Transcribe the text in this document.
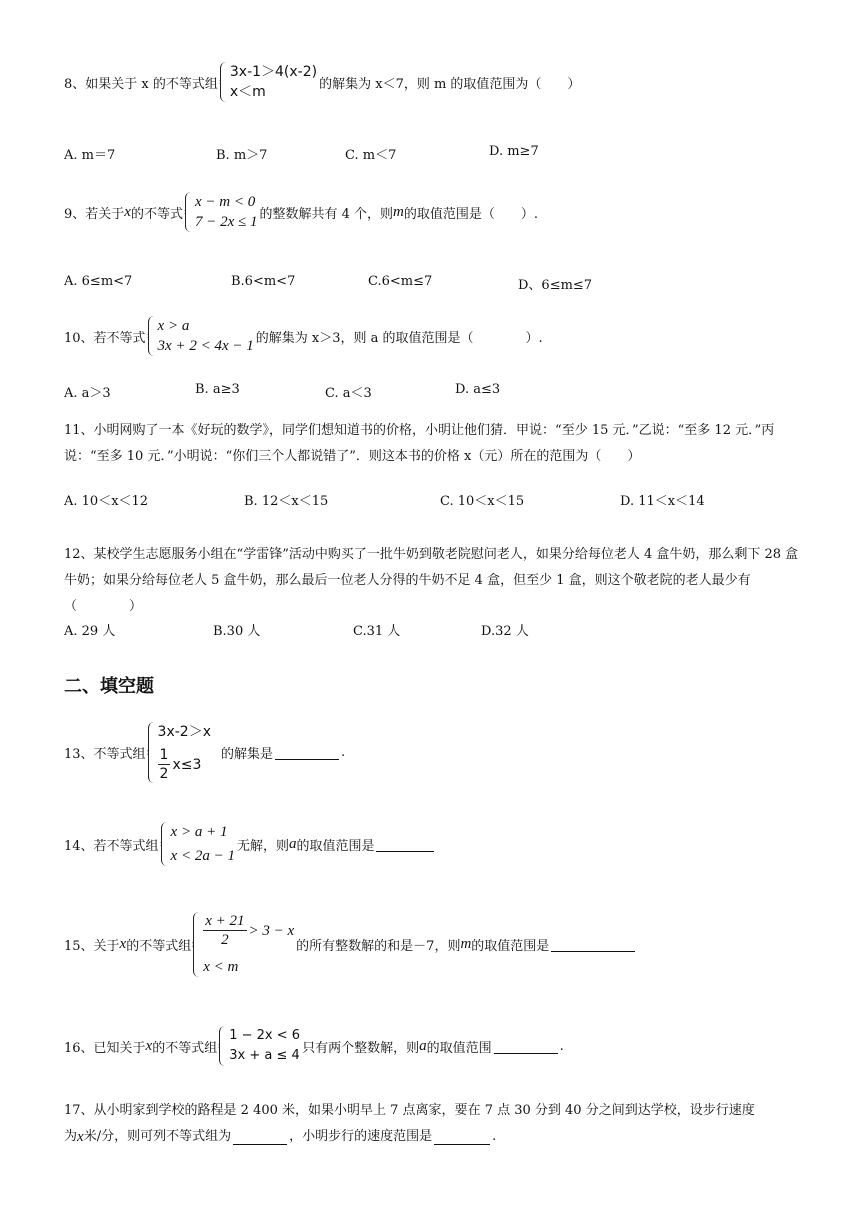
8、如果关于 x 的不等式组
3x-1＞4(x-2)
x＜m	的解集为 x＜7，则 m 的取值范围为（　　）
A. m＝7	B. m＞7	C. m＜7	D. m≥7
9、若关于 x 的不等式
x − m < 0
7 − 2x ≤ 1 的整数解共有 4 个，则 m 的取值范围是（　　）.
A. 6≤m<7	B.6<m<7	C.6<m≤7	D、6≤m≤7
10、若不等式
x > a
3x + 2 < 4x − 1 的解集为 x＞3，则 a 的取值范围是（　　　　）.
A. a＞3	B. a≥3	C. a＜3	D. a≤3
11、小明网购了一本《好玩的数学》，同学们想知道书的价格，小明让他们猜．甲说：“至少 15 元．”乙说：“至多 12 元．”丙说：“至多 10 元．”小明说：“你们三个人都说错了”．则这本书的价格 x（元）所在的范围为（　　）
A. 10＜x＜12	B. 12＜x＜15	C. 10＜x＜15	D. 11＜x＜14
12、某校学生志愿服务小组在“学雷锋”活动中购买了一批牛奶到敬老院慰问老人，如果分给每位老人 4 盒牛奶，那么剩下 28 盒牛奶；如果分给每位老人 5 盒牛奶，那么最后一位老人分得的牛奶不足 4 盒，但至少 1 盒，则这个敬老院的老人最少有（　　　　）
A. 29 人	B.30 人	C.31 人	D.32 人
二、填空题
13、不等式组
3x-2＞x
$\frac{1}{2} x\le 3$
的解集是	.
14、若不等式组
x > a + 1
x < 2a − 1
无解，则 a 的取值范围是
15、关于 x 的不等式组 $\frac{x + 21}{2} > 3 - x$
x < m
的所有整数解的和是－7，则 m 的取值范围是
16、已知关于 x 的不等式组
1 − 2x < 6
3x + a ≤ 4 只有两个整数解，则 a 的取值范围	.
17、从小明家到学校的路程是 2 400 米，如果小明早上 7 点离家，要在 7 点 30 分到 40 分之间到达学校，设步行速度
为 x 米/分，则可列不等式组为	，小明步行的速度范围是	.
